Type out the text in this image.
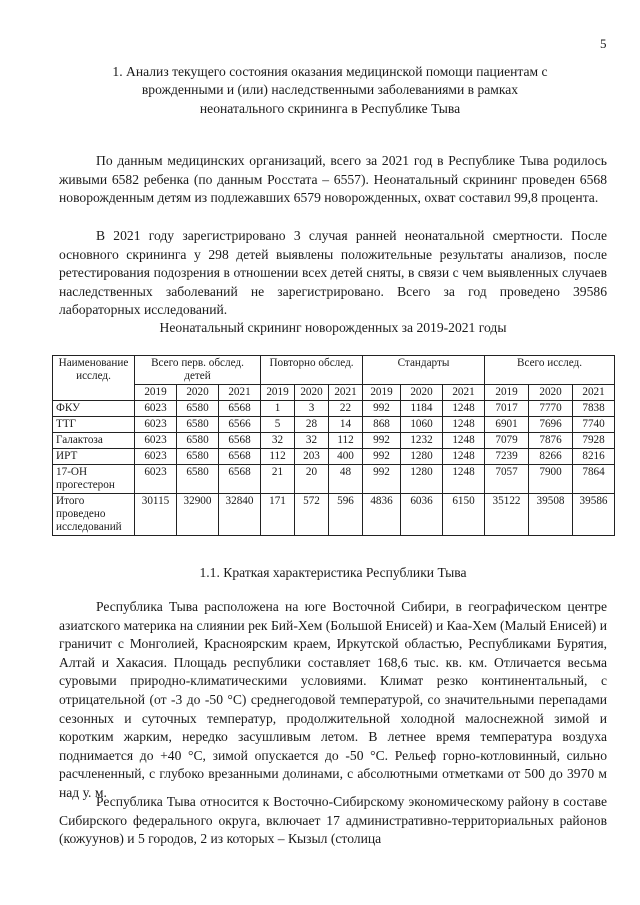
5
1. Анализ текущего состояния оказания медицинской помощи пациентам с врожденными и (или) наследственными заболеваниями в рамках неонатального скрининга в Республике Тыва

По данным медицинских организаций, всего за 2021 год в Республике Тыва родилось живыми 6582 ребенка (по данным Росстата – 6557). Неонатальный скрининг проведен 6568 новорожденным детям из подлежавших 6579 новорожденных, охват составил 99,8 процента.

В 2021 году зарегистрировано 3 случая ранней неонатальной смертности. После основного скрининга у 298 детей выявлены положительные результаты анализов, после ретестирования подозрения в отношении всех детей сняты, в связи с чем выявленных случаев наследственных заболеваний не зарегистрировано. Всего за год проведено 39586 лабораторных исследований.

Неонатальный скрининг новорожденных за 2019-2021 годы
Наименование исслед.	Всего перв. обслед. детей			Повторно обслед.			Стандарты			Всего исслед.		
	2019	2020	2021	2019	2020	2021	2019	2020	2021	2019	2020	2021
ФКУ	6023	6580	6568	1	3	22	992	1184	1248	7017	7770	7838
ТТГ	6023	6580	6566	5	28	14	868	1060	1248	6901	7696	7740
Галактоза	6023	6580	6568	32	32	112	992	1232	1248	7079	7876	7928
ИРТ	6023	6580	6568	112	203	400	992	1280	1248	7239	8266	8216
17-ОН прогестерон	6023	6580	6568	21	20	48	992	1280	1248	7057	7900	7864
Итого проведено исследований	30115	32900	32840	171	572	596	4836	6036	6150	35122	39508	39586
1.1. Краткая характеристика Республики Тыва

Республика Тыва расположена на юге Восточной Сибири, в географическом центре азиатского материка на слиянии рек Бий-Хем (Большой Енисей) и Каа-Хем (Малый Енисей) и граничит с Монголией, Красноярским краем, Иркутской областью, Республиками Бурятия, Алтай и Хакасия. Площадь республики составляет 168,6 тыс. кв. км. Отличается весьма суровыми природно-климатическими условиями. Климат резко континентальный, с отрицательной (от -3 до -50 °С) среднегодовой температурой, со значительными перепадами сезонных и суточных температур, продолжительной холодной малоснежной зимой и коротким жарким, нередко засушливым летом. В летнее время температура воздуха поднимается до +40 °С, зимой опускается до -50 °С. Рельеф горно-котловинный, сильно расчлененный, с глубоко врезанными долинами, с абсолютными отметками от 500 до 3970 м над у. м.

Республика Тыва относится к Восточно-Сибирскому экономическому району в составе Сибирского федерального округа, включает 17 административно-территориальных районов (кожуунов) и 5 городов, 2 из которых – Кызыл (столица
